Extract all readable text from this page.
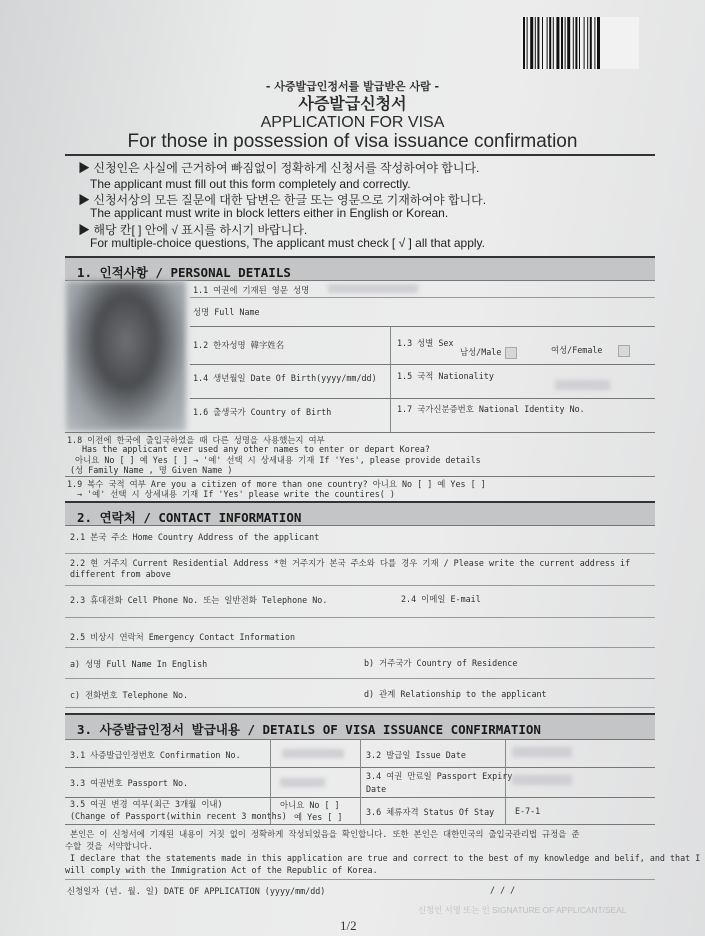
- 사증발급인정서를 발급받은 사람 -
사증발급신청서
APPLICATION FOR VISA
For those in possession of visa issuance confirmation
▶ 신청인은 사실에 근거하여 빠짐없이 정확하게 신청서를 작성하여야 합니다.
The applicant must fill out this form completely and correctly.
▶ 신청서상의 모든 질문에 대한 답변은 한글 또는 영문으로 기재하여야 합니다.
The applicant must write in block letters either in English or Korean.
▶ 해당 칸[ ] 안에 √ 표시를 하시기 바랍니다.
For multiple-choice questions, The applicant must check [ √ ] all that apply.
1. 인적사항 / PERSONAL DETAILS
1.1 여권에 기재된 영문 성명
성명 Full Name
1.2 한자성명 韓字姓名	1.3 성별 Sex
남성/Male	여성/Female
1.4 생년월일 Date Of Birth(yyyy/mm/dd) 1.5 국적 Nationality
1.6 출생국가 Country of Birth	1.7 국가신분증번호 National Identity No.
1.8 이전에 한국에 출입국하였을 때 다른 성명을 사용했는지 여부
Has the applicant ever used any other names to enter or depart Korea?
아니요 No [ ] 예 Yes [ ] → '예' 선택 시 상세내용 기재 If 'Yes', please provide details
(성 Family Name , 명 Given Name )
1.9 복수 국적 여부 Are you a citizen of more than one country? 아니요 No [ ] 예 Yes [ ]
→ '예' 선택 시 상세내용 기재 If 'Yes' please write the countires( )
2. 연락처 / CONTACT INFORMATION
2.1 본국 주소 Home Country Address of the applicant
2.2 현 거주지 Current Residential Address *현 거주지가 본국 주소와 다를 경우 기재 / Please write the current address if
different from above
2.3 휴대전화 Cell Phone No. 또는 일반전화 Telephone No.	2.4 이메일 E-mail
2.5 비상시 연락처 Emergency Contact Information
a) 성명 Full Name In English	b) 거주국가 Country of Residence
c) 전화번호 Telephone No.	d) 관계 Relationship to the applicant
3. 사증발급인정서 발급내용 / DETAILS OF VISA ISSUANCE CONFIRMATION
3.1 사증발급인정번호 Confirmation No.	3.2 발급일 Issue Date
3.3 여권번호 Passport No.
3.4 여권 만료일 Passport Expiry
Date
3.5 여권 변경 여부(최근 3개월 이내)
(Change of Passport(within recent 3 months)
아니요 No [ ]
예 Yes [ ]	3.6 체류자격 Status Of Stay E-7-1
본인은 이 신청서에 기재된 내용이 거짓 없이 정확하게 작성되었음을 확인합니다. 또한 본인은 대한민국의 출입국관리법 규정을 준
수할 것을 서약합니다.
I declare that the statements made in this application are true and correct to the best of my knowledge and belif, and that I
will comply with the Immigration Act of the Republic of Korea.
신청일자 (년. 월. 일) DATE OF APPLICATION (yyyy/mm/dd)	/ / /
신청인 서명 또는 인 SIGNATURE OF APPLICANT/SEAL
1/2
